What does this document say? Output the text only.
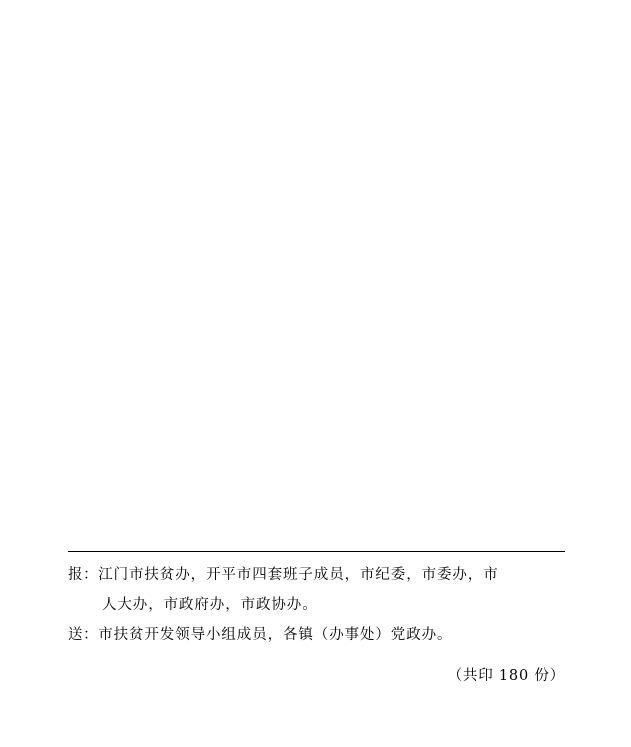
报： 江门市扶贫办，开平市四套班子成员，市纪委，市委办，市
人大办，市政府办，市政协办。
送： 市扶贫开发领导小组成员，各镇（办事处）党政办。
（共印 180 份）
